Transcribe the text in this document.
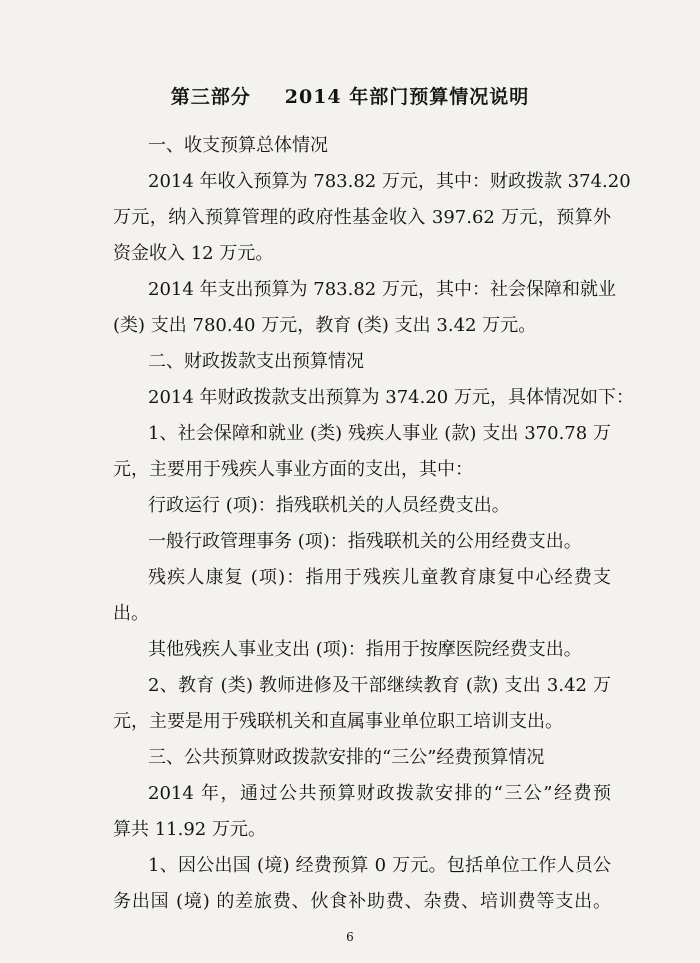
第三部分 2014 年部门预算情况说明
一、收支预算总体情况
2014 年收入预算为 783.82 万元，其中：财政拨款 374.20
万元，纳入预算管理的政府性基金收入 397.62 万元，预算外
资金收入 12 万元。
2014 年支出预算为 783.82 万元，其中：社会保障和就业
(类) 支出 780.40 万元，教育 (类) 支出 3.42 万元。
二、财政拨款支出预算情况
2014 年财政拨款支出预算为 374.20 万元，具体情况如下：
1、社会保障和就业 (类) 残疾人事业 (款) 支出 370.78 万
元，主要用于残疾人事业方面的支出，其中：
行政运行 (项)：指残联机关的人员经费支出。
一般行政管理事务 (项)：指残联机关的公用经费支出。
残疾人康复 (项)：指用于残疾儿童教育康复中心经费支
出。
其他残疾人事业支出 (项)：指用于按摩医院经费支出。
2、教育 (类) 教师进修及干部继续教育 (款) 支出 3.42 万
元，主要是用于残联机关和直属事业单位职工培训支出。
三、公共预算财政拨款安排的“三公”经费预算情况
2014 年，通过公共预算财政拨款安排的“三公”经费预
算共 11.92 万元。
1、因公出国 (境) 经费预算 0 万元。包括单位工作人员公
务出国 (境) 的差旅费、伙食补助费、杂费、培训费等支出。
6
